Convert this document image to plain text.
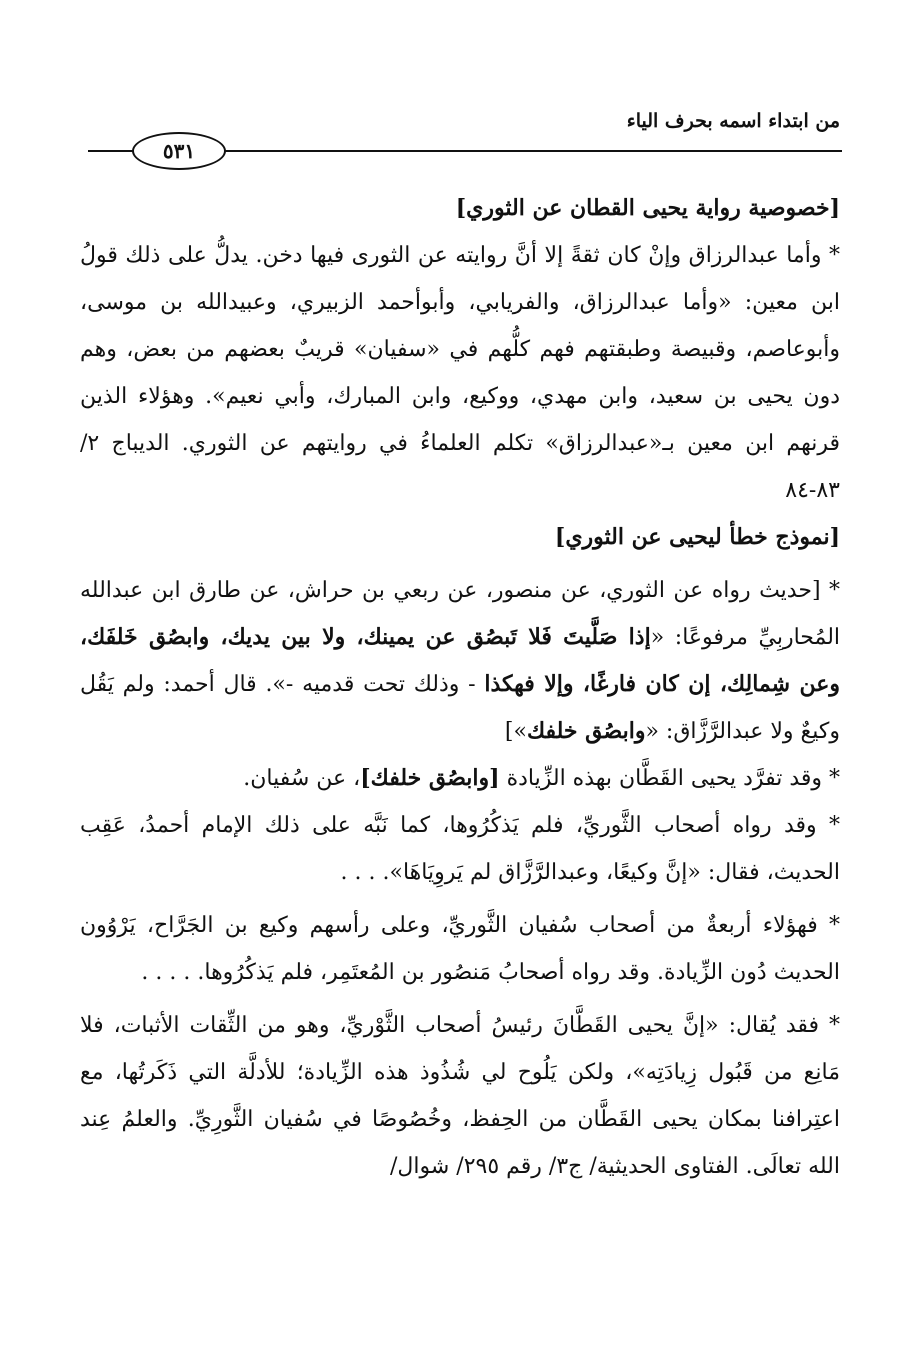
من ابتداء اسمه بحرف الياء
٥٣١

[خصوصية رواية يحيى القطان عن الثوري]

* وأما عبدالرزاق وإنْ كان ثقةً إلا أنَّ روايته عن الثورى فيها دخن. يدلُّ على ذلك قولُ ابن معين: «وأما عبدالرزاق، والفريابي، وأبوأحمد الزبيري، وعبيدالله بن موسى، وأبوعاصم، وقبيصة وطبقتهم فهم كلُّهم في «سفيان» قريبٌ بعضهم من بعض، وهم دون يحيى بن سعيد، وابن مهدي، ووكيع، وابن المبارك، وأبي نعيم». وهؤلاء الذين قرنهم ابن معين بـ«عبدالرزاق» تكلم العلماءُ في روايتهم عن الثوري. الديباج ٢/ ٨٣-٨٤

[نموذج خطأ ليحيى عن الثوري]

* [حديث رواه عن الثوري، عن منصور، عن ربعي بن حراش، عن طارق ابن عبدالله المُحاربِيِّ مرفوعًا: «إذا صَلَّيتَ فَلا تَبصُق عن يمينك، ولا بين يديك، وابصُق خَلفَك، وعن شِمالِك، إن كان فارغًا، وإلا فهكذا - وذلك تحت قدميه -». قال أحمد: ولم يَقُل وكيعٌ ولا عبدالرَّزَّاق: «وابصُق خلفك»]

* وقد تفرَّد يحيى القَطَّان بهذه الزِّيادة [وابصُق خلفك]، عن سُفيان.

* وقد رواه أصحاب الثَّوريِّ، فلم يَذكُرُوها، كما نَبَّه على ذلك الإمام أحمدُ، عَقِب الحديث، فقال: «إنَّ وكيعًا، وعبدالرَّزَّاق لم يَروِيَاهَا». . . .

* فهؤلاء أربعةٌ من أصحاب سُفيان الثَّوريِّ، وعلى رأسهم وكيع بن الجَرَّاح، يَرْوُون الحديث دُون الزِّيادة. وقد رواه أصحابُ مَنصُور بن المُعتَمِر، فلم يَذكُرُوها. . . . .

* فقد يُقال: «إنَّ يحيى القَطَّانَ رئيسُ أصحاب الثَّوْريِّ، وهو من الثِّقات الأثبات، فلا مَانِع من قَبُول زِيادَتِه»، ولكن يَلُوح لي شُذُوذ هذه الزِّيادة؛ للأدلَّة التي ذَكَرتُها، مع اعتِرافنا بمكان يحيى القَطَّان من الحِفظ، وخُصُوصًا في سُفيان الثَّورِيِّ. والعلمُ عِند الله تعالَى. الفتاوى الحديثية/ ج٣/ رقم ٢٩٥/ شوال/
